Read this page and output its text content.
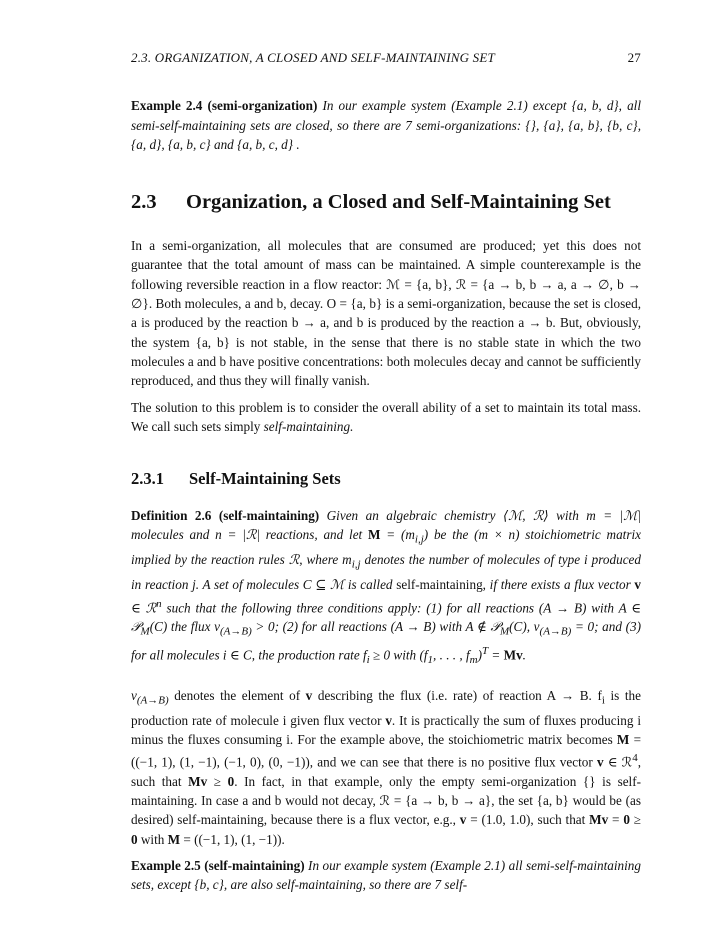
2.3. ORGANIZATION, A CLOSED AND SELF-MAINTAINING SET	27

Example 2.4 (semi-organization) In our example system (Example 2.1) except {a, b, d}, all semi-self-maintaining sets are closed, so there are 7 semi-organizations: {}, {a}, {a, b}, {b, c}, {a, d}, {a, b, c} and {a, b, c, d} .

2.3	Organization, a Closed and Self-Maintaining Set

In a semi-organization, all molecules that are consumed are produced; yet this does not guarantee that the total amount of mass can be maintained. A simple counterexample is the following reversible reaction in a flow reactor: ℳ = {a, b}, ℛ = {a → b, b → a, a → ∅, b → ∅}. Both molecules, a and b, decay. O = {a, b} is a semi-organization, because the set is closed, a is produced by the reaction b → a, and b is produced by the reaction a → b. But, obviously, the system {a, b} is not stable, in the sense that there is no stable state in which the two molecules a and b have positive concentrations: both molecules decay and cannot be sufficiently reproduced, and thus they will finally vanish.

The solution to this problem is to consider the overall ability of a set to maintain its total mass. We call such sets simply self-maintaining.

2.3.1	Self-Maintaining Sets

Definition 2.6 (self-maintaining) Given an algebraic chemistry ⟨ℳ, ℛ⟩ with m = |ℳ| molecules and n = |ℛ| reactions, and let $M = (m_{i,j})$ be the (m × n) stoichiometric matrix implied by the reaction rules ℛ, where $m_{i,j}$ denotes the number of molecules of type i produced in reaction j. A set of molecules C ⊆ ℳ is called self-maintaining, if there exists a flux vector v ∈ ℛ$^n$ such that the following three conditions apply: (1) for all reactions (A → B) with A ∈ 𝒫$_M$(C) the flux $v_{(A\to B)} > 0$; (2) for all reactions (A → B) with A ∉ 𝒫$_M$(C), $v_{(A\to B)} = 0$; and (3) for all molecules i ∈ C, the production rate $f_i \ge 0$ with ($f_1$, . . . , $f_m)^T = Mv$.

$v_{(A\to B)}$ denotes the element of v describing the flux (i.e. rate) of reaction A → B. $f_i$ is the production rate of molecule i given flux vector v. It is practically the sum of fluxes producing i minus the fluxes consuming i. For the example above, the stoichiometric matrix becomes M = ((−1, 1), (1, −1), (−1, 0), (0, −1)), and we can see that there is no positive flux vector v ∈ ℛ$^4$, such that Mv ≥ 0. In fact, in that example, only the empty semi-organization {} is self-maintaining. In case a and b would not decay, ℛ = {a → b, b → a}, the set {a, b} would be (as desired) self-maintaining, because there is a flux vector, e.g., v = (1.0, 1.0), such that Mv = 0 ≥ 0 with M = ((−1, 1), (1, −1)).

Example 2.5 (self-maintaining) In our example system (Example 2.1) all semi-self-maintaining sets, except {b, c}, are also self-maintaining, so there are 7 self-
